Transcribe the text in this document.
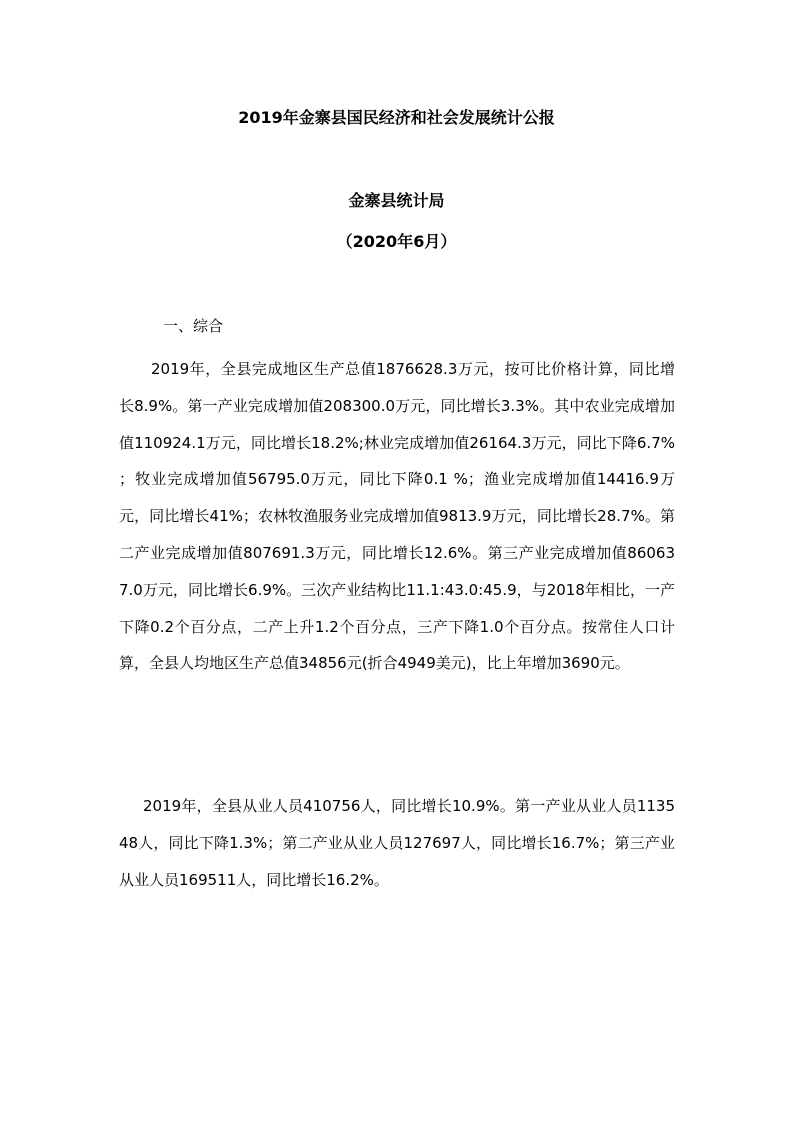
2019年金寨县国民经济和社会发展统计公报
金寨县统计局
（2020年6月）
一、综合

2019年，全县完成地区生产总值1876628.3万元，按可比价格计算，同比增长8.9%。第一产业完成增加值208300.0万元，同比增长3.3%。其中农业完成增加值110924.1万元，同比增长18.2%;林业完成增加值26164.3万元，同比下降6.7% ；牧业完成增加值56795.0万元，同比下降0.1 %；渔业完成增加值14416.9万元，同比增长41%；农林牧渔服务业完成增加值9813.9万元，同比增长28.7%。第二产业完成增加值807691.3万元，同比增长12.6%。第三产业完成增加值860637.0万元，同比增长6.9%。三次产业结构比11.1:43.0:45.9，与2018年相比，一产下降0.2个百分点，二产上升1.2个百分点，三产下降1.0个百分点。按常住人口计算，全县人均地区生产总值34856元(折合4949美元)，比上年增加3690元。

2019年，全县从业人员410756人，同比增长10.9%。第一产业从业人员113548人，同比下降1.3%；第二产业从业人员127697人，同比增长16.7%；第三产业从业人员169511人，同比增长16.2%。
